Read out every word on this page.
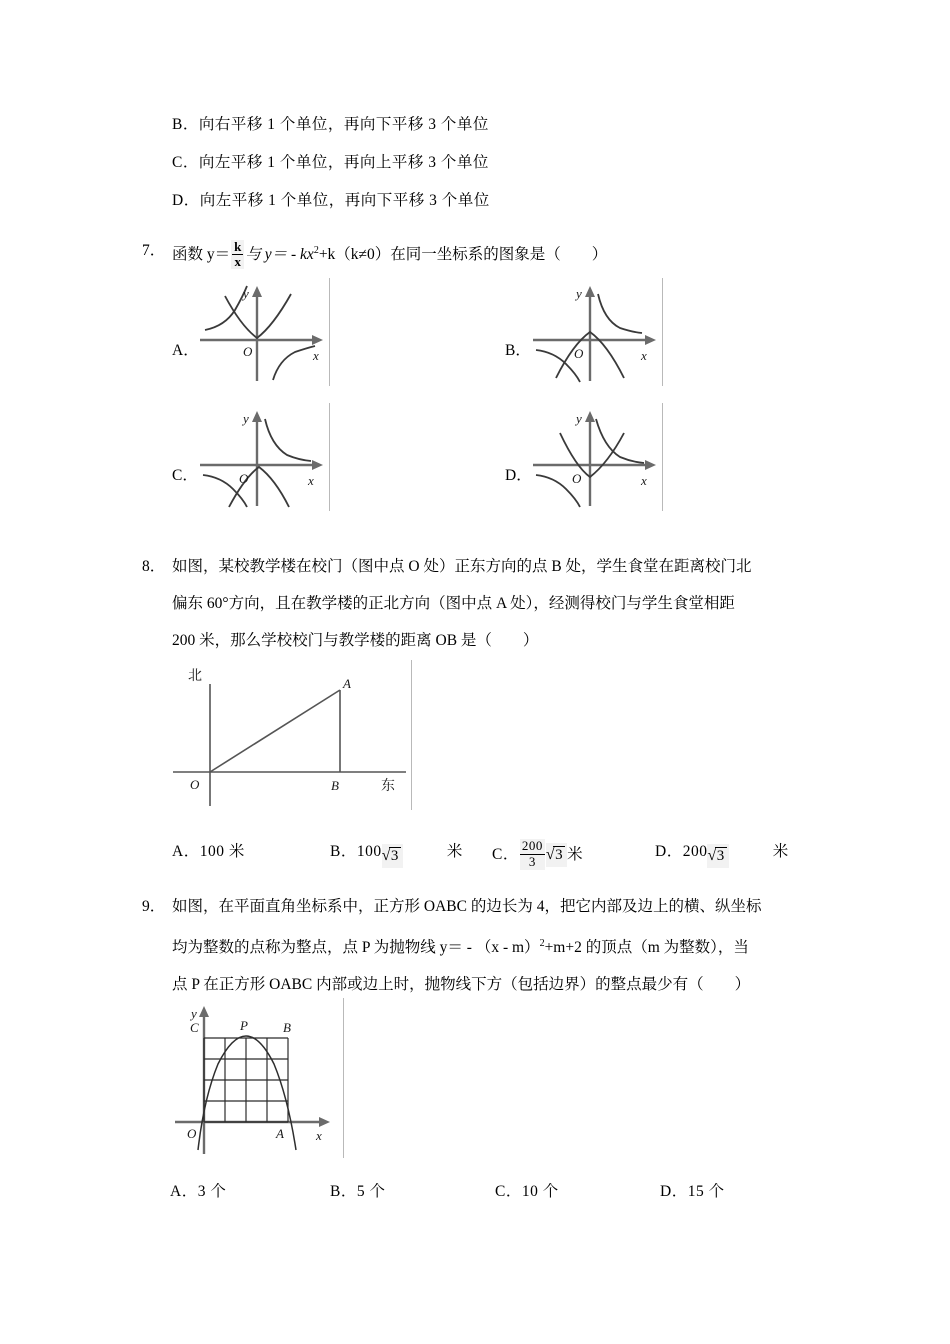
B．向右平移 1 个单位，再向下平移 3 个单位
C．向左平移 1 个单位，再向上平移 3 个单位
D．向左平移 1 个单位，再向下平移 3 个单位
7． 函数 $y= \frac{k}{x}$ 与 $y= - kx^2+k(k\ne 0)$在同一坐标系的图象是（　　）

A．	O	x
y
B．	O	x
y
C．	O	x
y
D．	O	x
y
8． 如图，某校教学楼在校门（图中点 O 处）正东方向的点 B 处，学生食堂在距离校门北

偏东 60°方向，且在教学楼的正北方向（图中点 A 处），经测得校门与学生食堂相距

200 米，那么学校校门与教学楼的距离 OB 是（　　）

北
东
O	B
A
A．100 米	B．100√3	米 C． $\frac{200}{3} √3$ 米	D．200√3	米
9． 如图，在平面直角坐标系中，正方形 OABC 的边长为 4，把它内部及边上的横、纵坐标

均为整数的点称为整点，点 P 为抛物线 y＝ - （x - m）$^2$+m+2 的顶点（m 为整数），当

点 P 在正方形 OABC 内部或边上时，抛物线下方（包括边界）的整点最少有（　　）

O	A
B
C	P
x
y
A．3 个	B．5 个	C．10 个	D．15 个
